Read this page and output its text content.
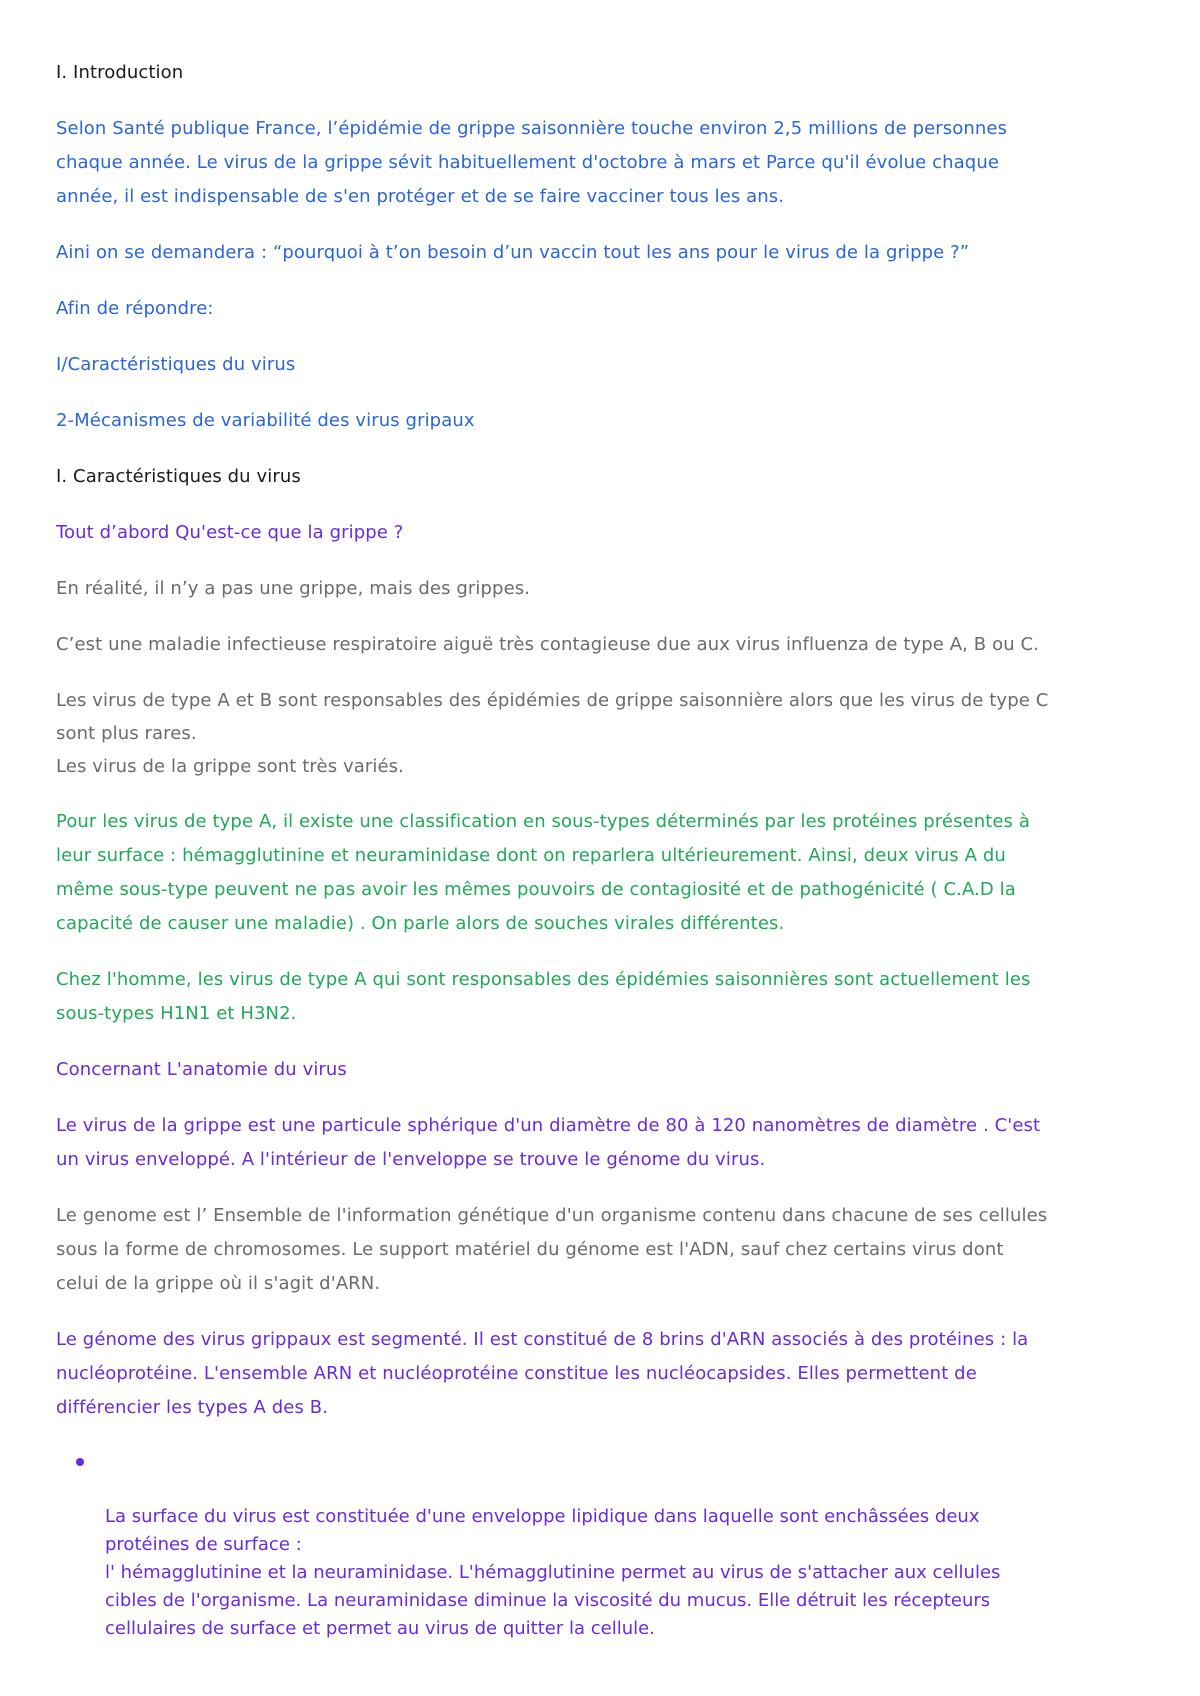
I. Introduction

Selon Santé publique France, l’épidémie de grippe saisonnière touche environ 2,5 millions de personnes
chaque année. Le virus de la grippe sévit habituellement d'octobre à mars et Parce qu'il évolue chaque
année, il est indispensable de s'en protéger et de se faire vacciner tous les ans.

Aini on se demandera : “pourquoi à t’on besoin d’un vaccin tout les ans pour le virus de la grippe ?”

Afin de répondre:

I/Caractéristiques du virus

2-Mécanismes de variabilité des virus gripaux

I. Caractéristiques du virus

Tout d’abord Qu'est-ce que la grippe ?

En réalité, il n’y a pas une grippe, mais des grippes.

C’est une maladie infectieuse respiratoire aiguë très contagieuse due aux virus influenza de type A, B ou C.

Les virus de type A et B sont responsables des épidémies de grippe saisonnière alors que les virus de type C
sont plus rares.
Les virus de la grippe sont très variés.

Pour les virus de type A, il existe une classification en sous-types déterminés par les protéines présentes à
leur surface : hémagglutinine et neuraminidase dont on reparlera ultérieurement. Ainsi, deux virus A du
même sous-type peuvent ne pas avoir les mêmes pouvoirs de contagiosité et de pathogénicité ( C.A.D la
capacité de causer une maladie) . On parle alors de souches virales différentes.

Chez l'homme, les virus de type A qui sont responsables des épidémies saisonnières sont actuellement les
sous-types H1N1 et H3N2.

Concernant L'anatomie du virus

Le virus de la grippe est une particule sphérique d'un diamètre de 80 à 120 nanomètres de diamètre . C'est
un virus enveloppé. A l'intérieur de l'enveloppe se trouve le génome du virus.

Le genome est l’ Ensemble de l'information génétique d'un organisme contenu dans chacune de ses cellules
sous la forme de chromosomes. Le support matériel du génome est l'ADN, sauf chez certains virus dont
celui de la grippe où il s'agit d'ARN.

Le génome des virus grippaux est segmenté. Il est constitué de 8 brins d'ARN associés à des protéines : la
nucléoprotéine. L'ensemble ARN et nucléoprotéine constitue les nucléocapsides. Elles permettent de
différencier les types A des B.

La surface du virus est constituée d'une enveloppe lipidique dans laquelle sont enchâssées deux
protéines de surface :
l' hémagglutinine et la neuraminidase. L'hémagglutinine permet au virus de s'attacher aux cellules
cibles de l'organisme. La neuraminidase diminue la viscosité du mucus. Elle détruit les récepteurs
cellulaires de surface et permet au virus de quitter la cellule.
